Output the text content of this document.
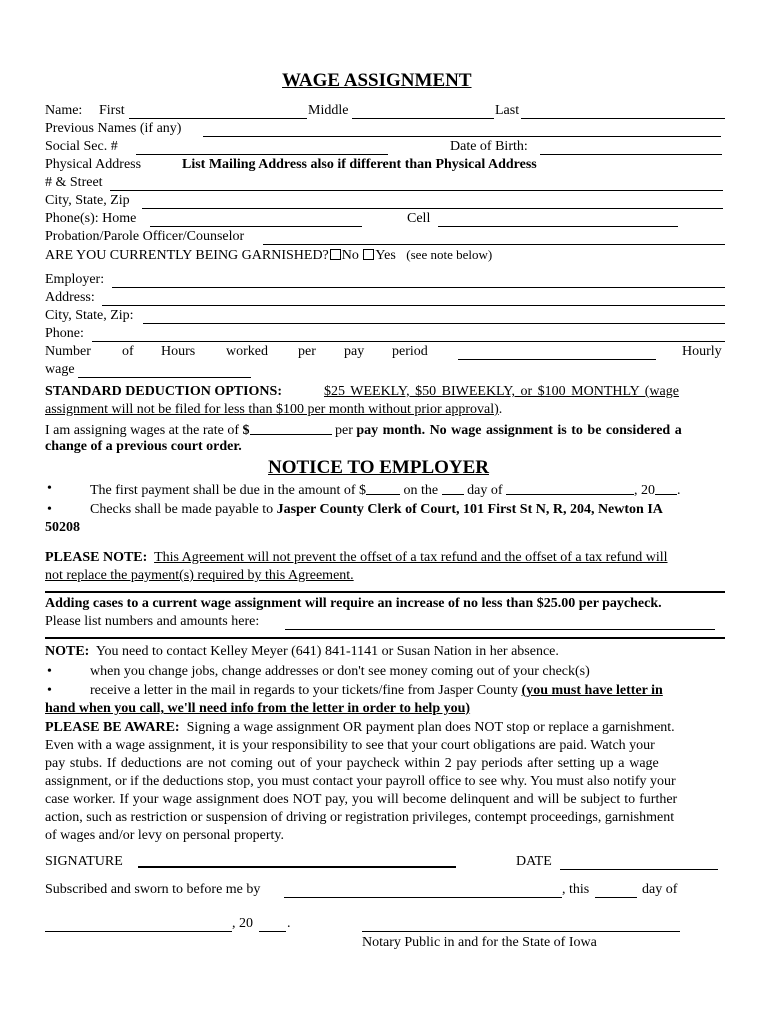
WAGE ASSIGNMENT
Name: First	Middle	Last
Previous Names (if any)
Social Sec. #	Date of Birth:
Physical Address	List Mailing Address also if different than Physical Address
# & Street
City, State, Zip
Phone(s): Home	Cell
Probation/Parole Officer/Counselor
ARE YOU CURRENTLY BEING GARNISHED? No Yes (see note below)
Employer:
Address:
City, State, Zip:
Phone:
Number of Hours worked per pay period	Hourly
wage
STANDARD DEDUCTION OPTIONS:	$25 WEEKLY, $50 BIWEEKLY, or $100 MONTHLY (wage
assignment will not be filed for less than $100 per month without prior approval).
I am assigning wages at the rate of $	per pay month. No wage assignment is to be considered a
change of a previous court order.
NOTICE TO EMPLOYER
•	The first payment shall be due in the amount of $ on the  day of	, 20 .
•	Checks shall be made payable to Jasper County Clerk of Court, 101 First St N, R, 204, Newton IA
50208
PLEASE NOTE: This Agreement will not prevent the offset of a tax refund and the offset of a tax refund will
not replace the payment(s) required by this Agreement.
Adding cases to a current wage assignment will require an increase of no less than $25.00 per paycheck.
Please list numbers and amounts here:
NOTE: You need to contact Kelley Meyer (641) 841-1141 or Susan Nation in her absence.
•	when you change jobs, change addresses or don't see money coming out of your check(s)
•	receive a letter in the mail in regards to your tickets/fine from Jasper County (you must have letter in
hand when you call, we'll need info from the letter in order to help you)
PLEASE BE AWARE: Signing a wage assignment OR payment plan does NOT stop or replace a garnishment.
Even with a wage assignment, it is your responsibility to see that your court obligations are paid. Watch your
pay stubs. If deductions are not coming out of your paycheck within 2 pay periods after setting up a wage
assignment, or if the deductions stop, you must contact your payroll office to see why. You must also notify your
case worker. If your wage assignment does NOT pay, you will become delinquent and will be subject to further
action, such as restriction or suspension of driving or registration privileges, contempt proceedings, garnishment
of wages and/or levy on personal property.
SIGNATURE	DATE
Subscribed and sworn to before me by	, this	day of
, 20 .
Notary Public in and for the State of Iowa
